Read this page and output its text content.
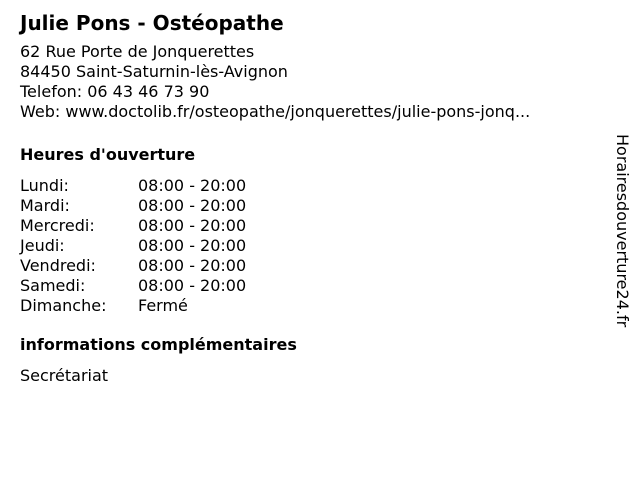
Julie Pons - Ostéopathe
62 Rue Porte de Jonquerettes
84450 Saint-Saturnin-lès-Avignon
Telefon: 06 43 46 73 90
Web: www.doctolib.fr/osteopathe/jonquerettes/julie-pons-jonq...
Heures d'ouverture
Lundi:	08:00 - 20:00
Mardi:	08:00 - 20:00
Mercredi:	08:00 - 20:00
Jeudi:	08:00 - 20:00
Vendredi:	08:00 - 20:00
Samedi:	08:00 - 20:00
Dimanche:	Fermé
informations complémentaires
Secrétariat
Horairesdouverture24.fr
